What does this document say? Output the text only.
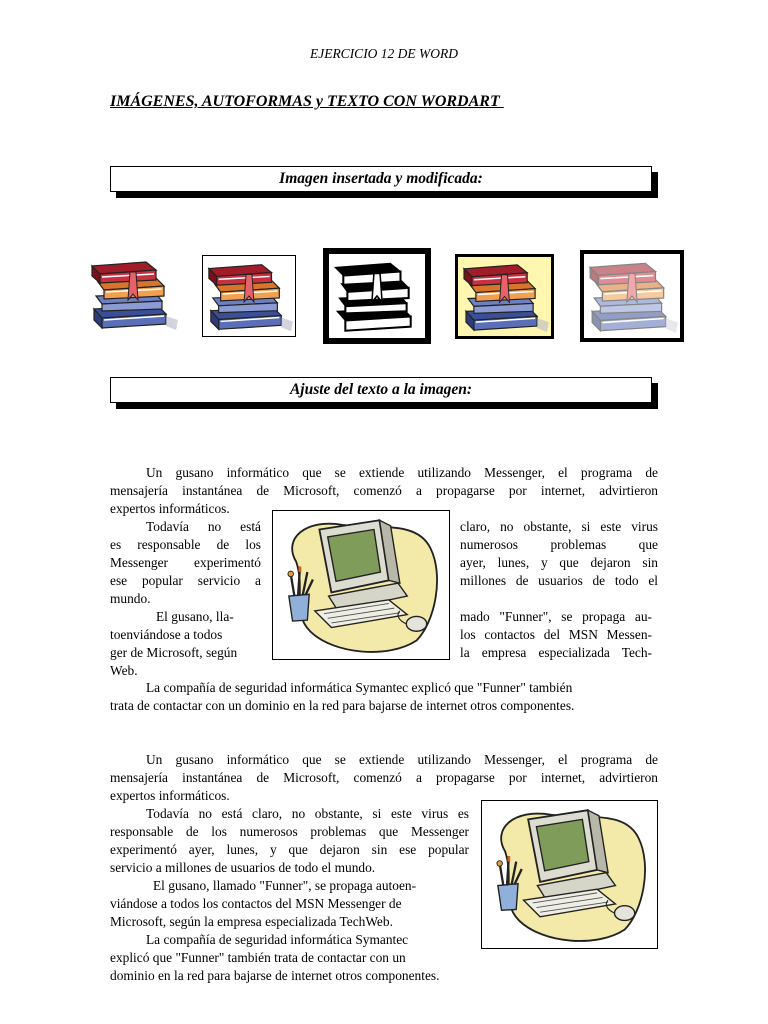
EJERCICIO 12 DE WORD
IMÁGENES, AUTOFORMAS y TEXTO CON WORDART
Imagen insertada y modificada:
Ajuste del texto a la imagen:
Un gusano informático que se extiende utilizando Messenger, el programa de
mensajería instantánea de Microsoft, comenzó a propagarse por internet, advirtieron
expertos informáticos.
Todavía no está
es responsable de los
Messenger experimentó
ese popular servicio a
mundo.
El gusano, lla-
toenviándose a todos
ger de Microsoft, según
Web.
claro, no obstante, si este virus
numerosos problemas que
ayer, lunes, y que dejaron sin
millones de usuarios de todo el
mado "Funner", se propaga au-
los contactos del MSN Messen-
la empresa especializada Tech-
La compañía de seguridad informática Symantec explicó que "Funner" también
trata de contactar con un dominio en la red para bajarse de internet otros componentes.
Un gusano informático que se extiende utilizando Messenger, el programa de
mensajería instantánea de Microsoft, comenzó a propagarse por internet, advirtieron
expertos informáticos.
Todavía no está claro, no obstante, si este virus es
responsable de los numerosos problemas que Messenger
experimentó ayer, lunes, y que dejaron sin ese popular
servicio a millones de usuarios de todo el mundo.
El gusano, llamado "Funner", se propaga autoen-
viándose a todos los contactos del MSN Messenger de
Microsoft, según la empresa especializada TechWeb.
La compañía de seguridad informática Symantec
explicó que "Funner" también trata de contactar con un
dominio en la red para bajarse de internet otros componentes.
